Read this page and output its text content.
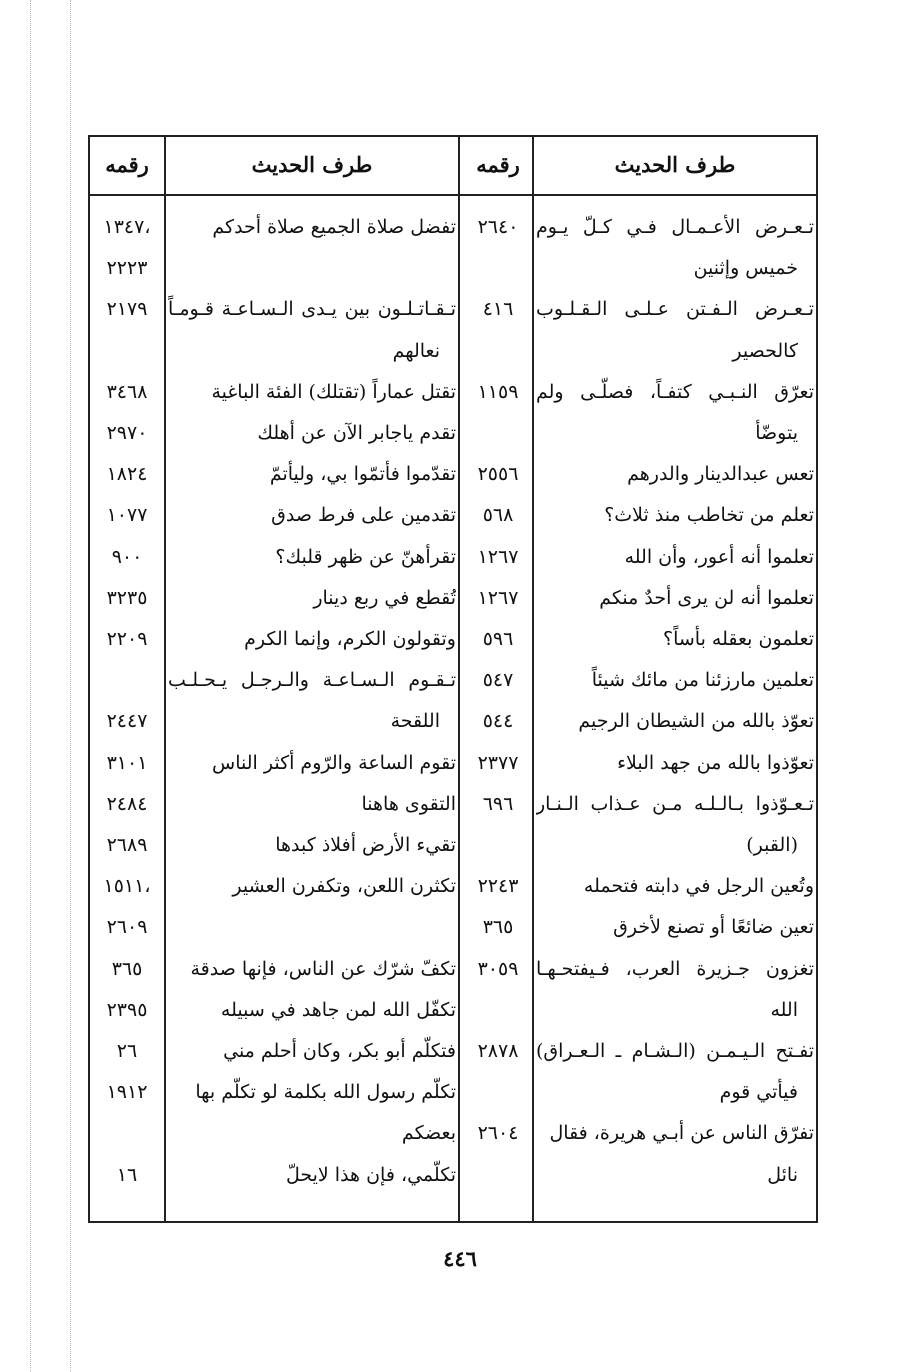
طرف الحديث
رقمه
طرف الحديث
رقمه
تـعـرض الأعـمـال فـي كـلّ يـوم
٢٦٤٠
خميس وإثنين
تـعـرض الـفـتن عـلـى الـقـلـوب
٤١٦
كالحصير
تعرّق النـبـي كتفـاً، فصلّـى ولم
١١٥٩
يتوضّأ
تعس عبدالدينار والدرهم
٢٥٥٦
تعلم من تخاطب منذ ثلاث؟
٥٦٨
تعلموا أنه أعور، وأن الله
١٢٦٧
تعلموا أنه لن يرى أحدٌ منكم
١٢٦٧
تعلمون بعقله بأساً؟
٥٩٦
تعلمين مارزئنا من مائك شيئاً
٥٤٧
تعوّذ بالله من الشيطان الرجيم
٥٤٤
تعوّذوا بالله من جهد البلاء
٢٣٧٧
تـعـوّذوا بـالـلـه مـن عـذاب الـنـار
٦٩٦
(القبر)
وتُعين الرجل في دابته فتحمله
٢٢٤٣
تعين ضائعًا أو تصنع لأخرق
٣٦٥
تغزون جـزيرة العرب، فـيفتحـهـا
٣٠٥٩
الله
تفـتح الـيـمـن (الـشـام ـ الـعـراق)
٢٨٧٨
فيأتي قوم
تفرّق الناس عن أبـي هريرة، فقال
٢٦٠٤
نائل
تفضل صلاة الجميع صلاة أحدكم
١٣٤٧،
٢٢٢٣
تـقـاتـلـون بين يـدى الـسـاعـة قـومـاً
٢١٧٩
نعالهم
تقتل عماراً (تقتلك) الفئة الباغية
٣٤٦٨
تقدم ياجابر الآن عن أهلك
٢٩٧٠
تقدّموا فأتمّوا بي، وليأتمّ
١٨٢٤
تقدمين على فرط صدق
١٠٧٧
تقرأهنّ عن ظهر قلبك؟
٩٠٠
تُقطع في ربع دينار
٣٢٣٥
وتقولون الكرم، وإنما الكرم
٢٢٠٩
تـقـوم الـسـاعـة والـرجـل يـحـلـب
اللقحة
٢٤٤٧
تقوم الساعة والرّوم أكثر الناس
٣١٠١
التقوى هاهنا
٢٤٨٤
تقيء الأرض أفلاذ كبدها
٢٦٨٩
تكثرن اللعن، وتكفرن العشير
١٥١١،
٢٦٠٩
تكفّ شرّك عن الناس، فإنها صدقة
٣٦٥
تكفّل الله لمن جاهد في سبيله
٢٣٩٥
فتكلّم أبو بكر، وكان أحلم مني
٢٦
تكلّم رسول الله بكلمة لو تكلّم بها
١٩١٢
بعضكم
تكلّمي، فإن هذا لايحلّ
١٦
٤٤٦
